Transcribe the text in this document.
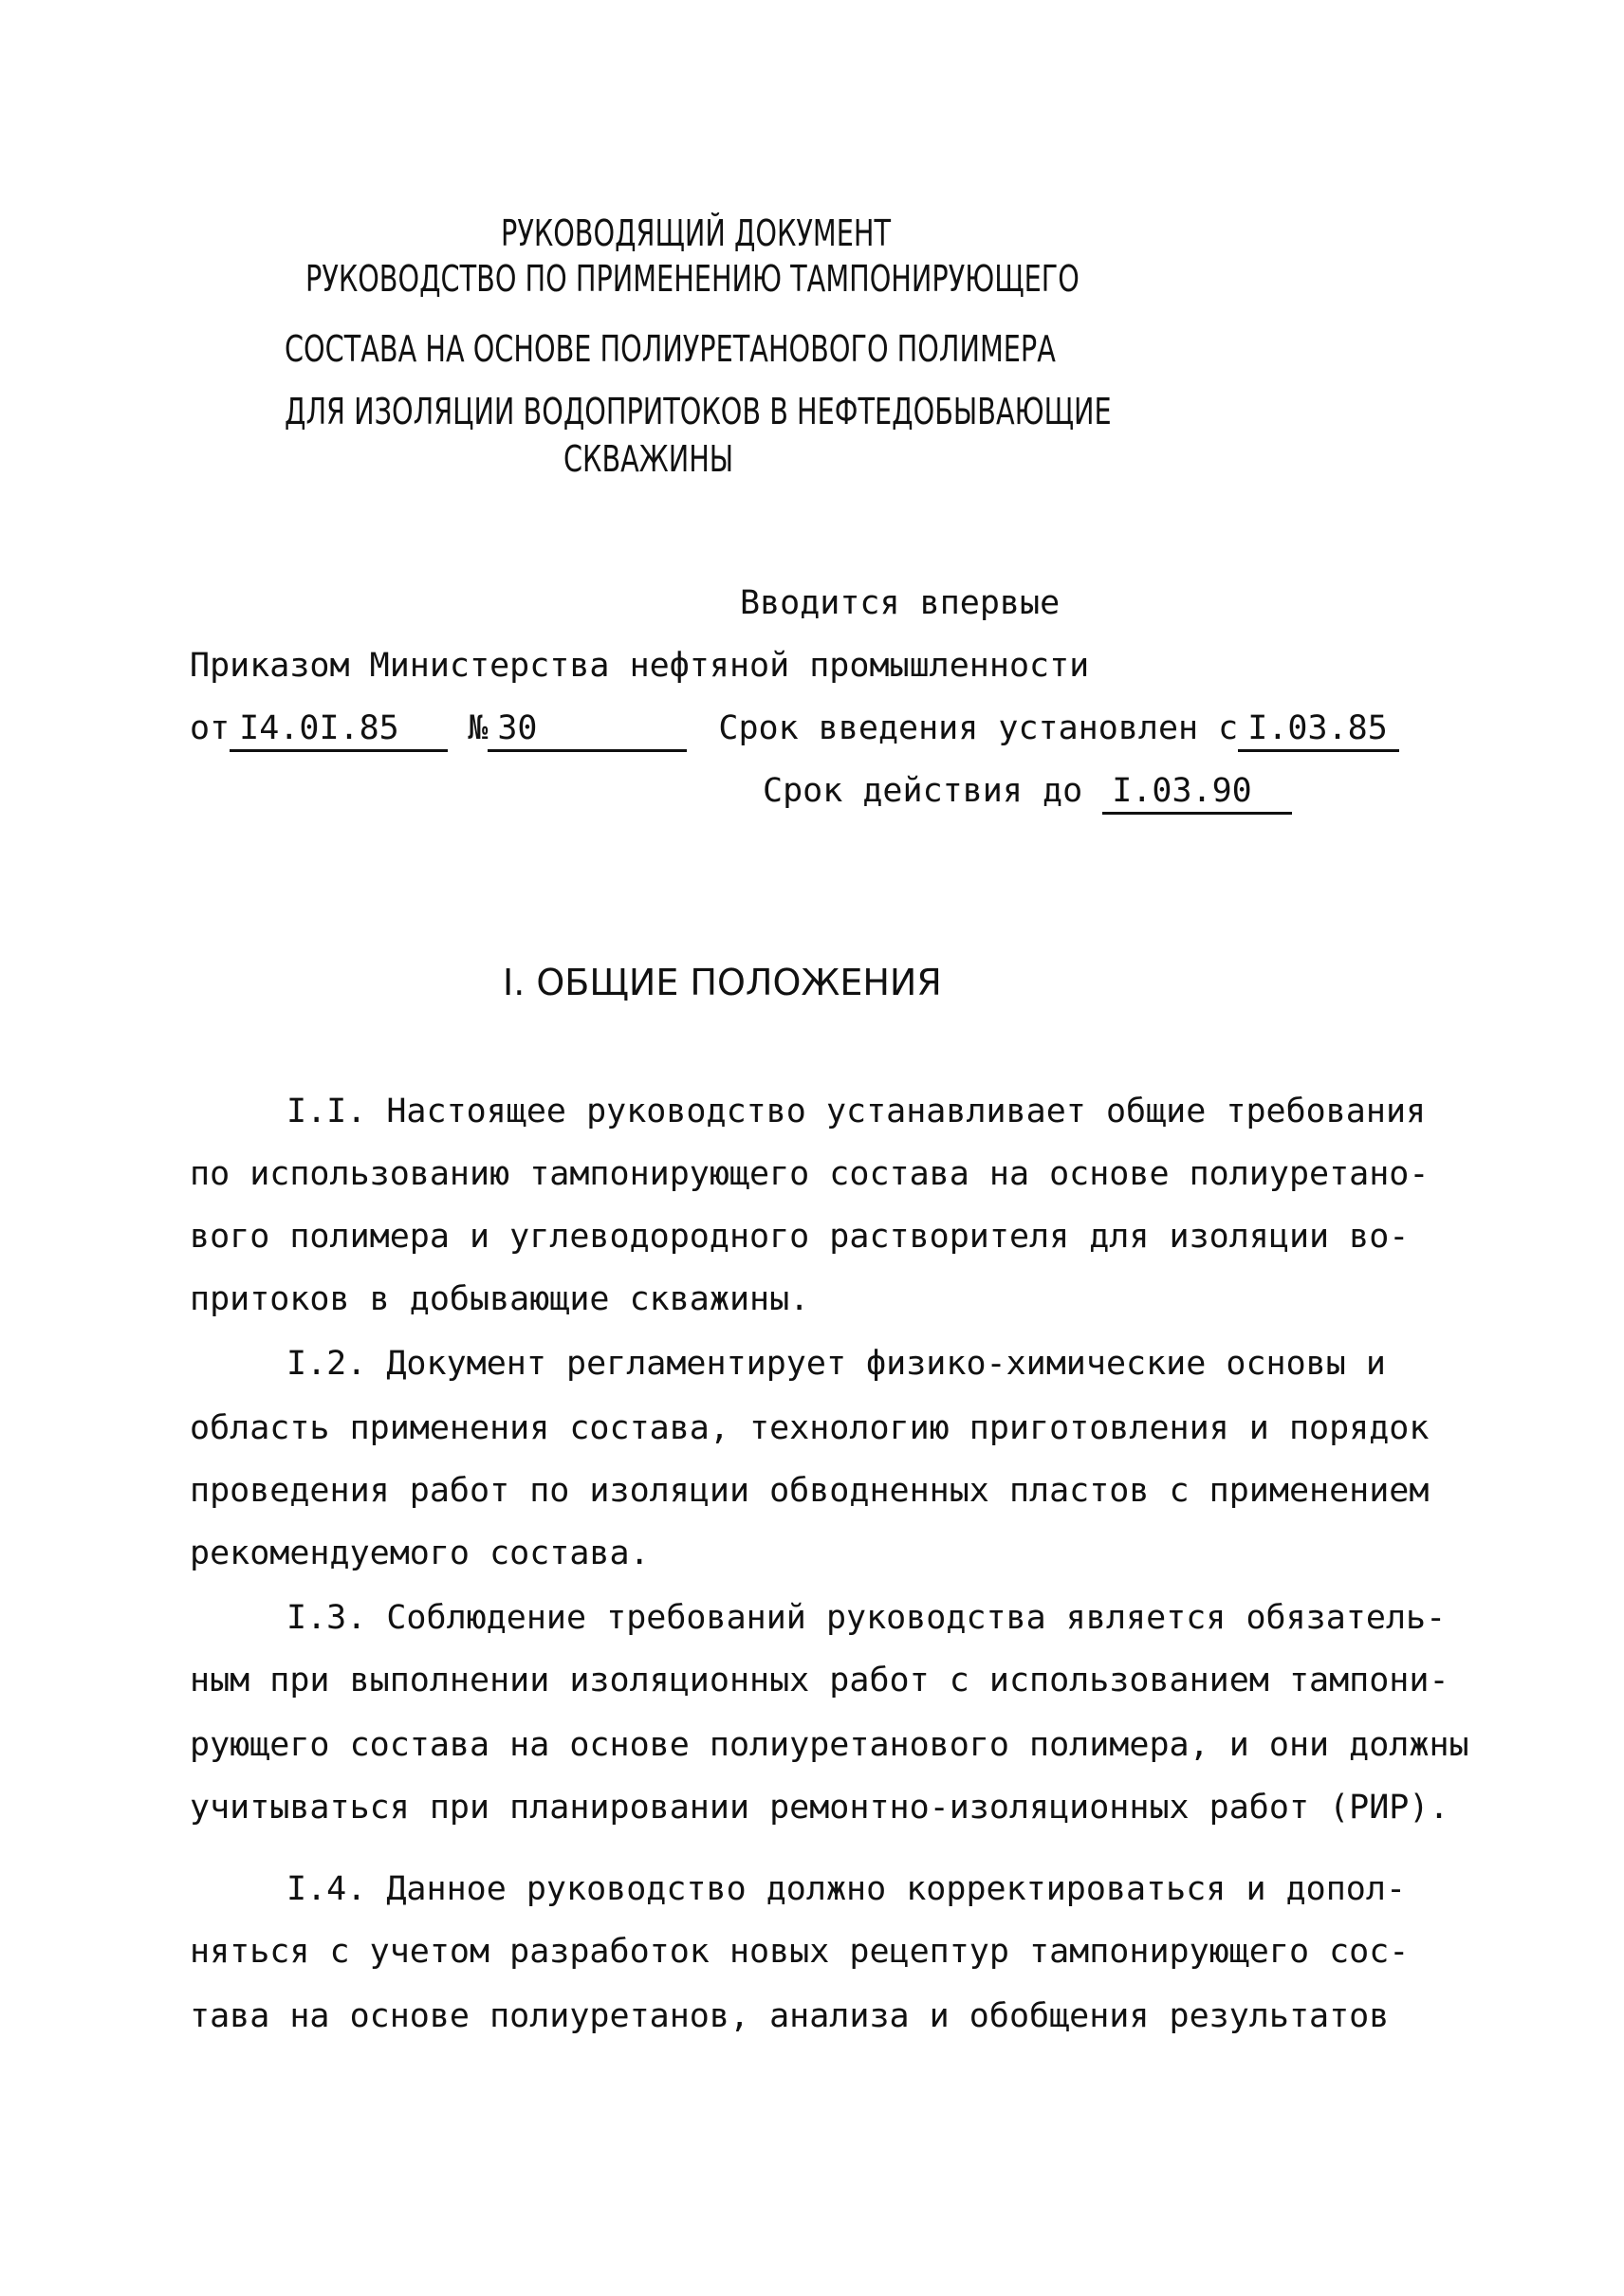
РУКОВОДЯЩИЙ ДОКУМЕНТ
РУКОВОДСТВО ПО ПРИМЕНЕНИЮ ТАМПОНИРУЮЩЕГО
СОСТАВА НА ОСНОВЕ ПОЛИУРЕТАНОВОГО ПОЛИМЕРА
ДЛЯ ИЗОЛЯЦИИ ВОДОПРИТОКОВ В НЕФТЕДОБЫВАЮЩИЕ
СКВАЖИНЫ
Вводится впервые
Приказом Министерства нефтяной промышленности
от I4.0I.85 № 30	Срок введения установлен с I.03.85
Срок действия до I.03.90
I. ОБЩИЕ ПОЛОЖЕНИЯ
I.I. Настоящее руководство устанавливает общие требования
по использованию тампонирующего состава на основе полиуретано-
вого полимера и углеводородного растворителя для изоляции во-
притоков в добывающие скважины.
I.2. Документ регламентирует физико-химические основы и
область применения состава, технологию приготовления и порядок
проведения работ по изоляции обводненных пластов с применением
рекомендуемого состава.
I.3. Соблюдение требований руководства является обязатель-
ным при выполнении изоляционных работ с использованием тампони-
рующего состава на основе полиуретанового полимера, и они должны
учитываться при планировании ремонтно-изоляционных работ (РИР).
I.4. Данное руководство должно корректироваться и допол-
няться с учетом разработок новых рецептур тампонирующего сос-
тава на основе полиуретанов, анализа и обобщения результатов
